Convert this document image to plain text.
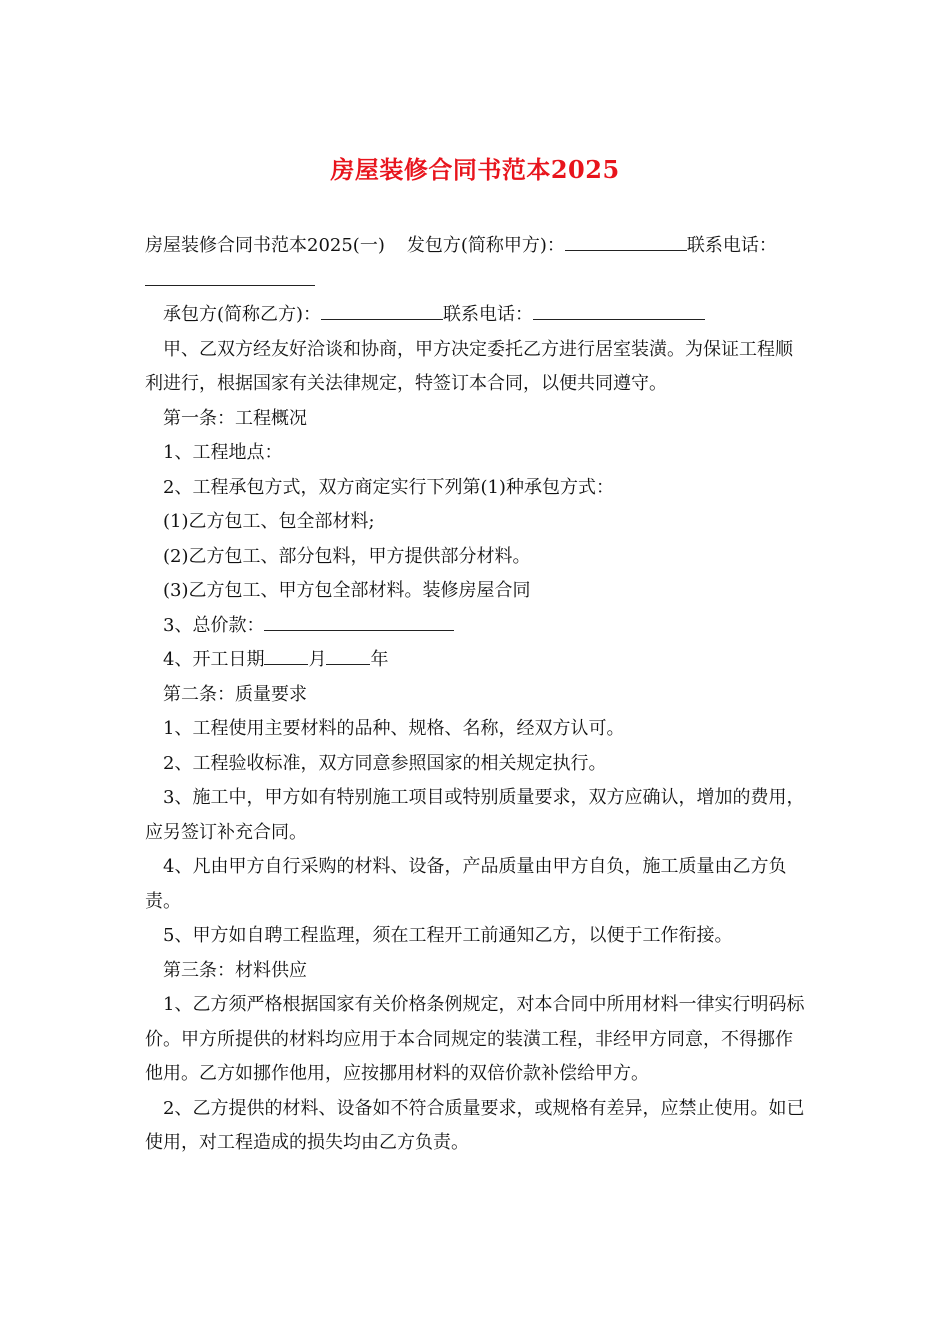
房屋装修合同书范本2025

房屋装修合同书范本2025(一) 发包方(简称甲方)：	联系电话：

承包方(简称乙方)：	联系电话：

甲、乙双方经友好洽谈和协商，甲方决定委托乙方进行居室装潢。为保证工程顺利进行，根据国家有关法律规定，特签订本合同，以便共同遵守。

第一条：工程概况

1、工程地点：

2、工程承包方式，双方商定实行下列第(1)种承包方式：

(1)乙方包工、包全部材料;

(2)乙方包工、部分包料，甲方提供部分材料。

(3)乙方包工、甲方包全部材料。装修房屋合同

3、总价款：

4、开工日期 月 年

第二条：质量要求

1、工程使用主要材料的品种、规格、名称，经双方认可。

2、工程验收标准，双方同意参照国家的相关规定执行。

3、施工中，甲方如有特别施工项目或特别质量要求，双方应确认，增加的费用，应另签订补充合同。

4、凡由甲方自行采购的材料、设备，产品质量由甲方自负，施工质量由乙方负责。

5、甲方如自聘工程监理，须在工程开工前通知乙方，以便于工作衔接。

第三条：材料供应

1、乙方须严格根据国家有关价格条例规定，对本合同中所用材料一律实行明码标价。甲方所提供的材料均应用于本合同规定的装潢工程，非经甲方同意，不得挪作他用。乙方如挪作他用，应按挪用材料的双倍价款补偿给甲方。

2、乙方提供的材料、设备如不符合质量要求，或规格有差异，应禁止使用。如已使用，对工程造成的损失均由乙方负责。
